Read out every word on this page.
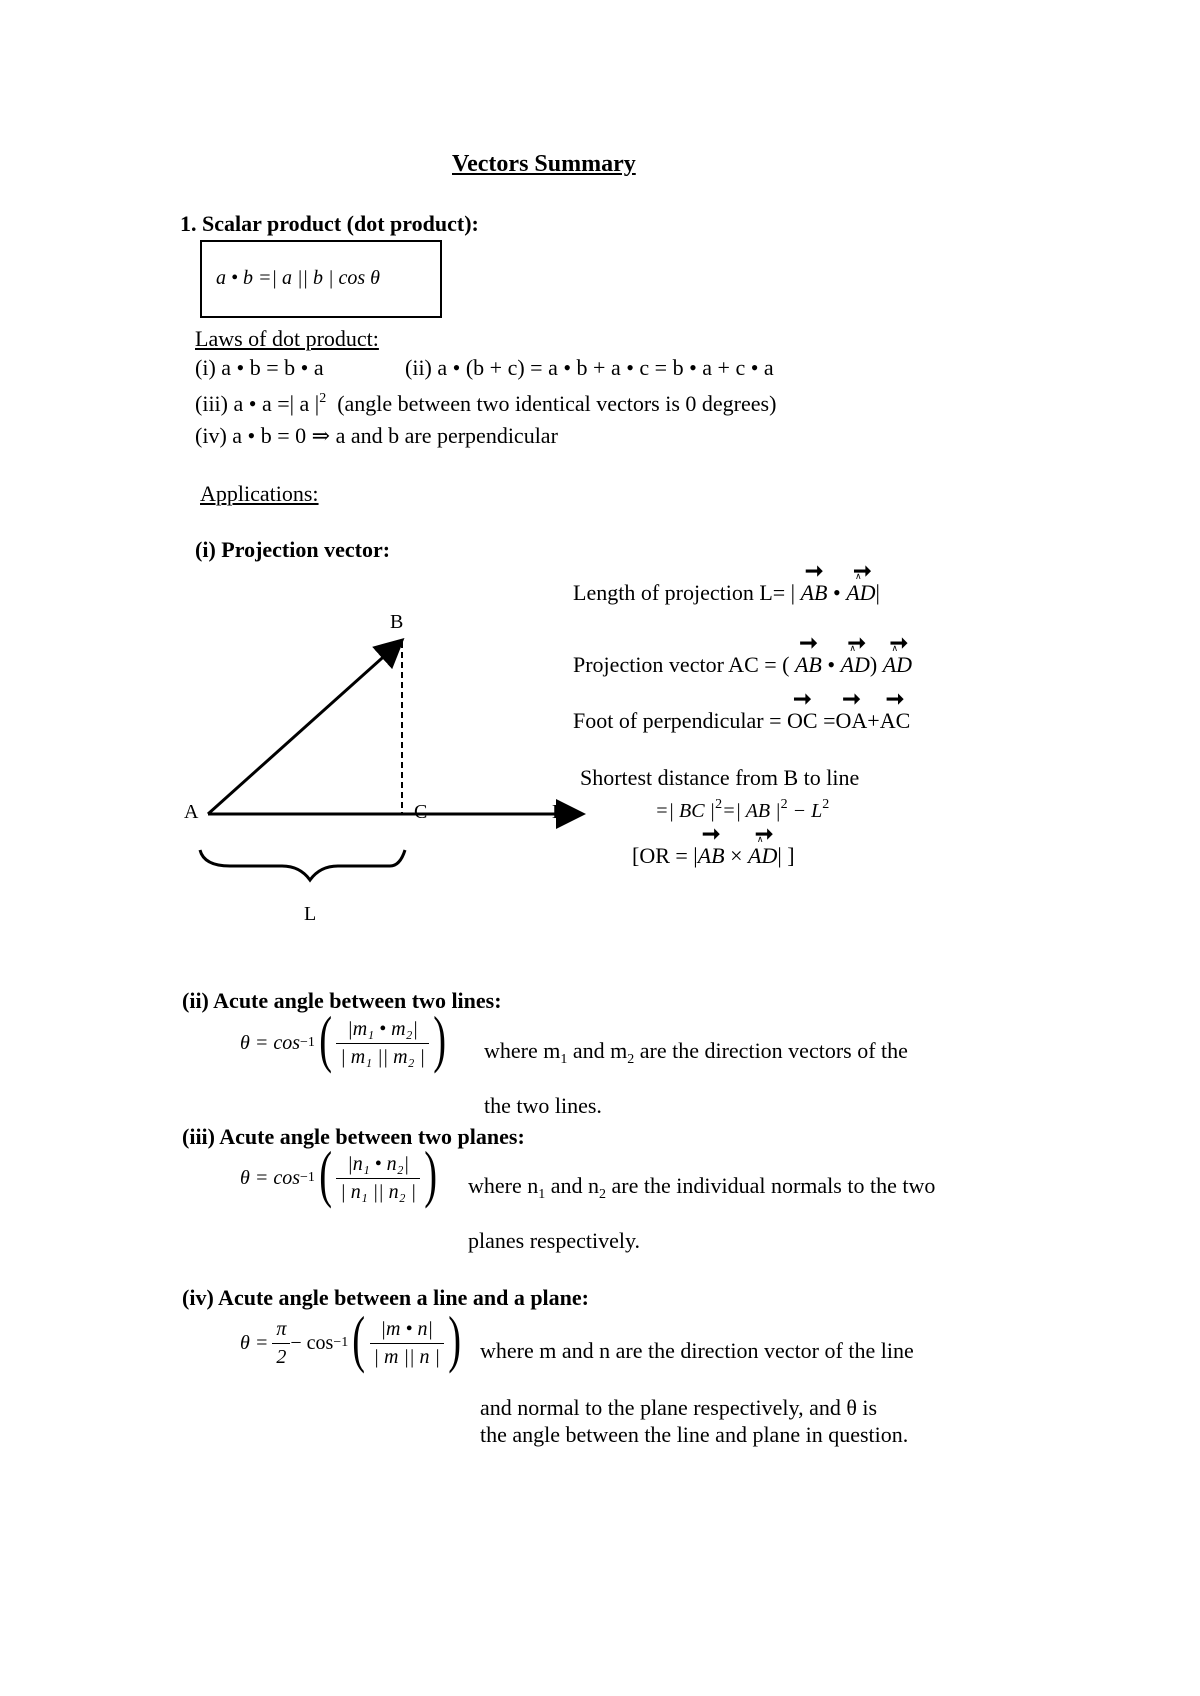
Vectors Summary
1. Scalar product (dot product):
a • b =| a || b | cos θ
Laws of dot product:
(i) a • b = b • a	(ii) a • (b + c) = a • b + a • c = b • a + c • a
(iii) a • a =| a $|^2$ (angle between two identical vectors is 0 degrees)
(iv) a • b = 0 ⇒ a and b are perpendicular
Applications:
(i) Projection vector:
Length of projection L= | ➞ AB • ➞ AD ∧|
Projection vector AC = ( ➞ AB • ➞ AD ∧) ➞ AD ∧
Foot of perpendicular = ➞ OC =➞ OA+➞ AC
Shortest distance from B to line
=| BC $|^2=|$ AB $|^2 - L^2$
[OR = |➞ AB × ➞ AD ∧| ]
B
A	C	D
L
(ii) Acute angle between two lines:
θ = cos −1 ( $\frac{\text{|m₁ • m₂|}}{\text{| m₁ || m₂ |}}$ ) where $m_1$ and $m_2$ are the direction vectors of the
the two lines.
(iii) Acute angle between two planes:
θ = cos −1 ( $\frac{\text{|n₁ • n₂|}}{\text{| n₁ || n₂ |}}$ ) where $n_1$ and $n_2$ are the individual normals to the two
planes respectively.
(iv) Acute angle between a line and a plane:
$\theta = \frac{\pi}{2} - \cos -1$ ( $\frac{|m • n|}{| m || n |}$ ) where m and n are the direction vector of the line
and normal to the plane respectively, and θ is
the angle between the line and plane in question.
